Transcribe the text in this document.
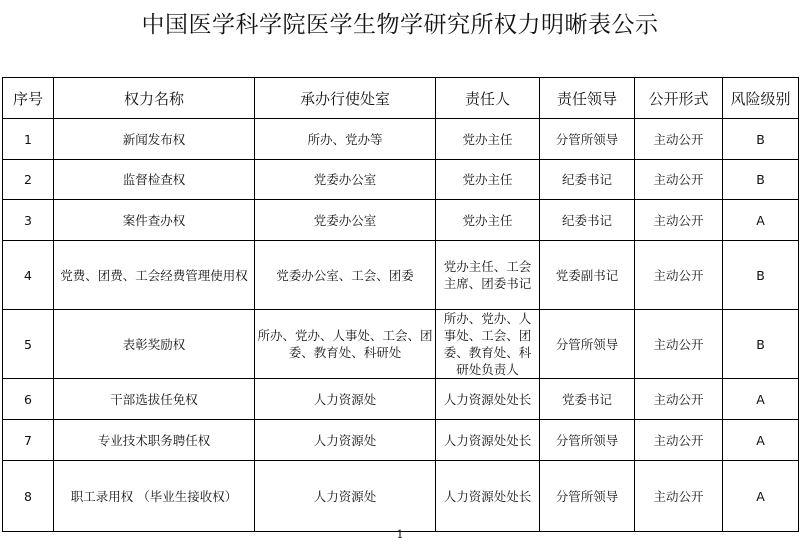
中国医学科学院医学生物学研究所权力明晰表公示
序号	权力名称	承办行使处室	责任人	责任领导	公开形式	风险级别
1	新闻发布权	所办、党办等	党办主任	分管所领导	主动公开	B
2	监督检查权	党委办公室	党办主任	纪委书记	主动公开	B
3	案件查办权	党委办公室	党办主任	纪委书记	主动公开	A
4	党费、团费、工会经费管理使用权	党委办公室、工会、团委	党办主任、工会主席、团委书记	党委副书记	主动公开	B
5	表彰奖励权	所办、党办、人事处、工会、团委、教育处、科研处	所办、党办、人事处、工会、团委、教育处、科研处负责人	分管所领导	主动公开	B
6	干部选拔任免权	人力资源处	人力资源处处长	党委书记	主动公开	A
7	专业技术职务聘任权	人力资源处	人力资源处处长	分管所领导	主动公开	A
8	职工录用权 （毕业生接收权）	人力资源处	人力资源处处长	分管所领导	主动公开	A
1
